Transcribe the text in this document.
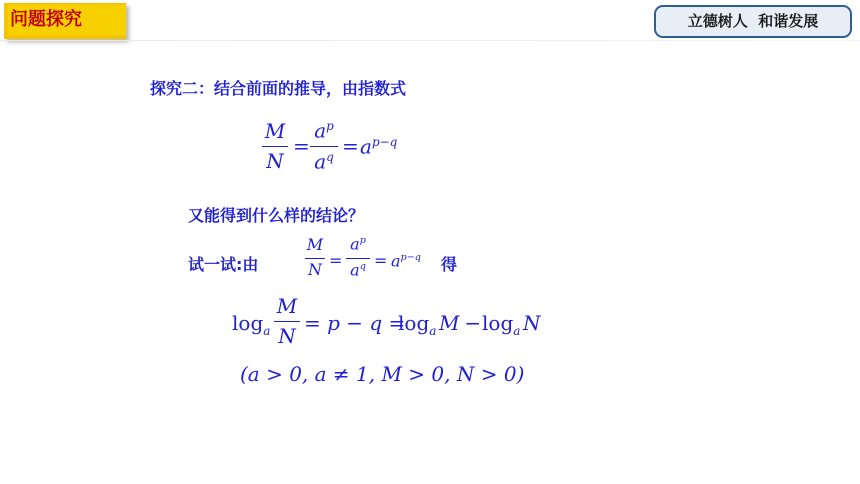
问题探究	立德树人  和谐发展
探究二：结合前面的推导，由指数式
M
N
=
$a^p$
$a^q = a^{p-q}$
又能得到什么样的结论？
试一试:由
M
N =
$a^p$
$a^q = a^{p-q}$ 得
$\log_a$
M
N
= p − q =
$\log_a M$
−
$\log_a N$
(a > 0, a ≠ 1, M > 0, N > 0)
